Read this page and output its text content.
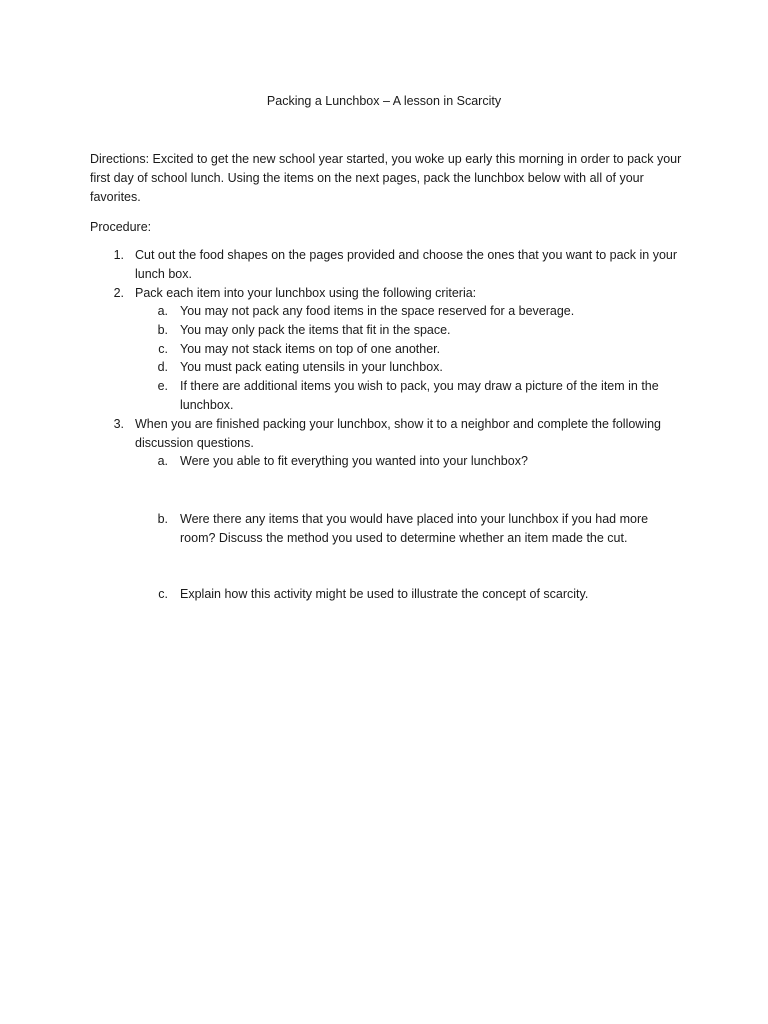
Packing a Lunchbox – A lesson in Scarcity

Directions: Excited to get the new school year started, you woke up early this morning in order to pack your first day of school lunch. Using the items on the next pages, pack the lunchbox below with all of your favorites.

Procedure:

1. Cut out the food shapes on the pages provided and choose the ones that you want to pack in your lunch box.
2. Pack each item into your lunchbox using the following criteria:
a. You may not pack any food items in the space reserved for a beverage.
b. You may only pack the items that fit in the space.
c. You may not stack items on top of one another.
d. You must pack eating utensils in your lunchbox.
e. If there are additional items you wish to pack, you may draw a picture of the item in the lunchbox.
3. When you are finished packing your lunchbox, show it to a neighbor and complete the following discussion questions.
a. Were you able to fit everything you wanted into your lunchbox?
b. Were there any items that you would have placed into your lunchbox if you had more room? Discuss the method you used to determine whether an item made the cut.
c. Explain how this activity might be used to illustrate the concept of scarcity.
